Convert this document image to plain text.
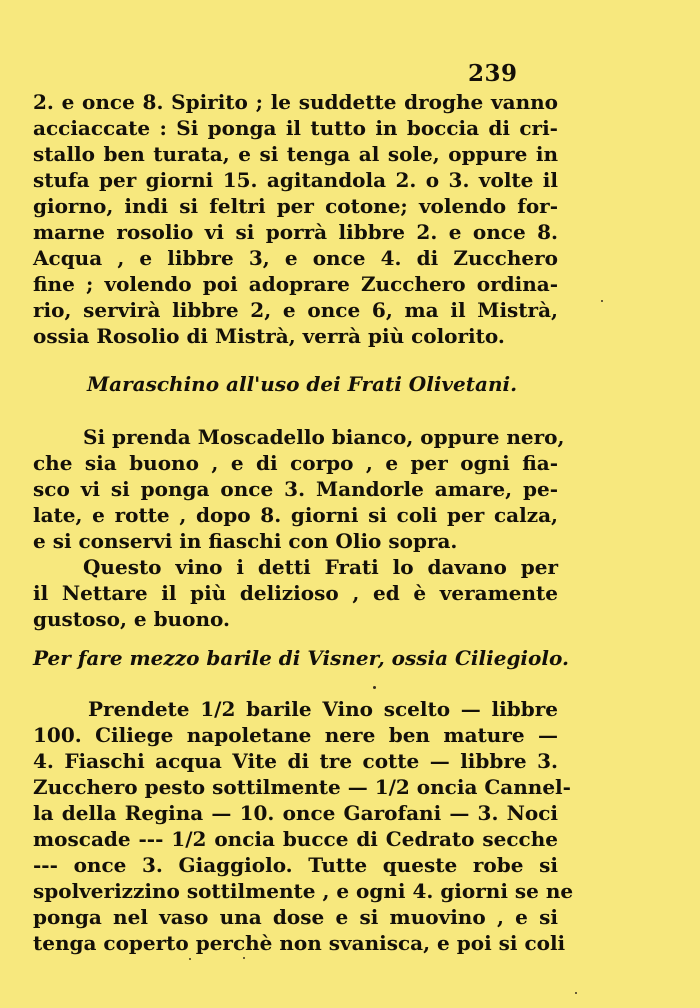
239

2. e once 8. Spirito ; le suddette droghe vanno

acciaccate : Si ponga il tutto in boccia di cri-

stallo ben turata, e si tenga al sole, oppure in

stufa per giorni 15. agitandola 2. o 3. volte il

giorno, indi si feltri per cotone; volendo for-

marne rosolio vi si porrà libbre 2. e once 8.

Acqua , e libbre 3, e once 4. di Zucchero

fine ; volendo poi adoprare Zucchero ordina-

rio, servirà libbre 2, e once 6, ma il Mistrà,

ossia Rosolio di Mistrà, verrà più colorito.

Maraschino all'uso dei Frati Olivetani.

Si prenda Moscadello bianco, oppure nero,

che sia buono , e di corpo , e per ogni fia-

sco vi si ponga once 3. Mandorle amare, pe-

late, e rotte , dopo 8. giorni si coli per calza,

e si conservi in fiaschi con Olio sopra.

Questo vino i detti Frati lo davano per

il Nettare il più delizioso , ed è veramente

gustoso, e buono.

Per fare mezzo barile di Visner, ossia Ciliegiolo.

Prendete 1/2 barile Vino scelto — libbre

100. Ciliege napoletane nere ben mature —

4. Fiaschi acqua Vite di tre cotte — libbre 3.

Zucchero pesto sottilmente — 1/2 oncia Cannel-

la della Regina — 10. once Garofani — 3. Noci

moscade --- 1/2 oncia bucce di Cedrato secche

--- once 3. Giaggiolo. Tutte queste robe si

spolverizzino sottilmente , e ogni 4. giorni se ne

ponga nel vaso una dose e si muovino , e si

tenga coperto perchè non svanisca, e poi si coli
